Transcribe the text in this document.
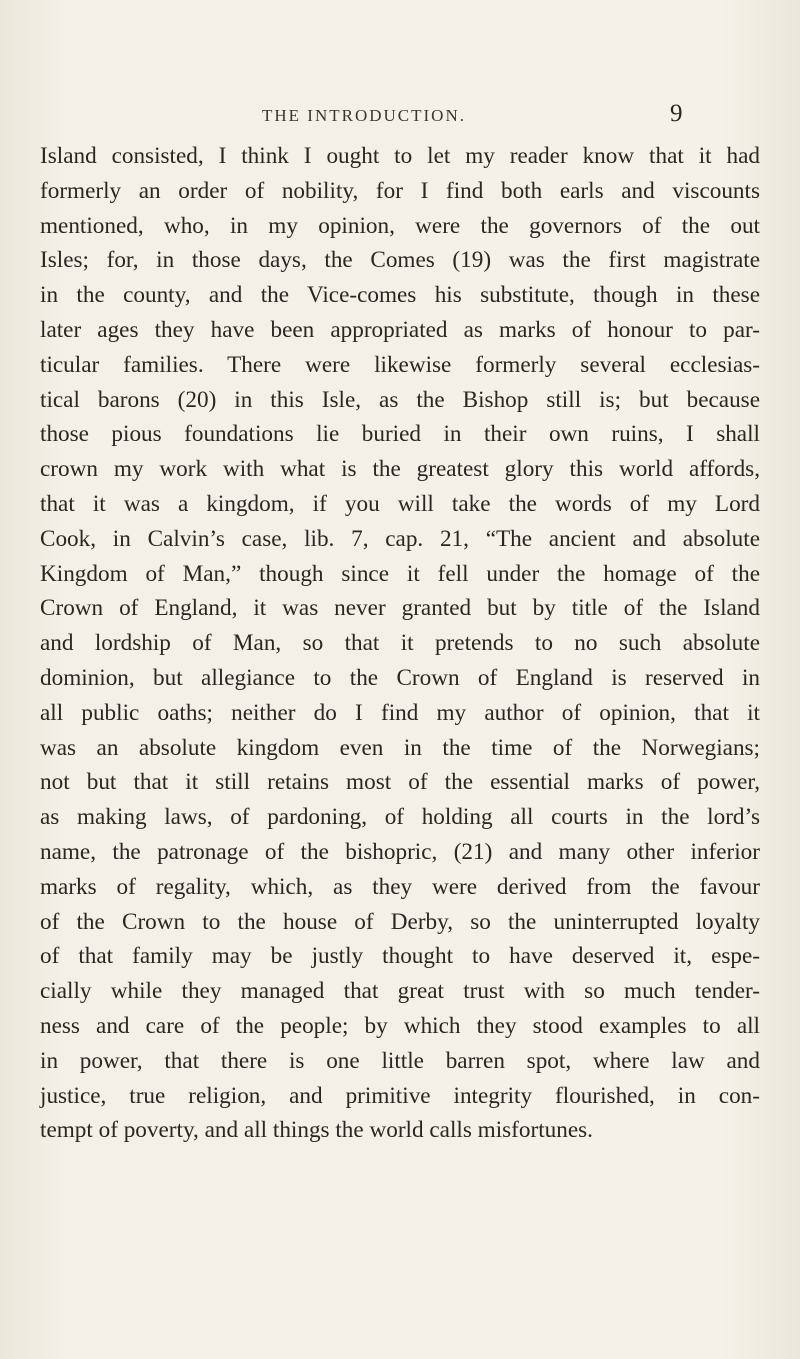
THE INTRODUCTION.	9
Island consisted, I think I ought to let my reader know that it had
formerly an order of nobility, for I find both earls and viscounts
mentioned, who, in my opinion, were the governors of the out
Isles; for, in those days, the Comes (19) was the first magistrate
in the county, and the Vice-comes his substitute, though in these
later ages they have been appropriated as marks of honour to par-
ticular families. There were likewise formerly several ecclesias-
tical barons (20) in this Isle, as the Bishop still is; but because
those pious foundations lie buried in their own ruins, I shall
crown my work with what is the greatest glory this world affords,
that it was a kingdom, if you will take the words of my Lord
Cook, in Calvin’s case, lib. 7, cap. 21, “The ancient and absolute
Kingdom of Man,” though since it fell under the homage of the
Crown of England, it was never granted but by title of the Island
and lordship of Man, so that it pretends to no such absolute
dominion, but allegiance to the Crown of England is reserved in
all public oaths; neither do I find my author of opinion, that it
was an absolute kingdom even in the time of the Norwegians;
not but that it still retains most of the essential marks of power,
as making laws, of pardoning, of holding all courts in the lord’s
name, the patronage of the bishopric, (21) and many other inferior
marks of regality, which, as they were derived from the favour
of the Crown to the house of Derby, so the uninterrupted loyalty
of that family may be justly thought to have deserved it, espe-
cially while they managed that great trust with so much tender-
ness and care of the people; by which they stood examples to all
in power, that there is one little barren spot, where law and
justice, true religion, and primitive integrity flourished, in con-
tempt of poverty, and all things the world calls misfortunes.
